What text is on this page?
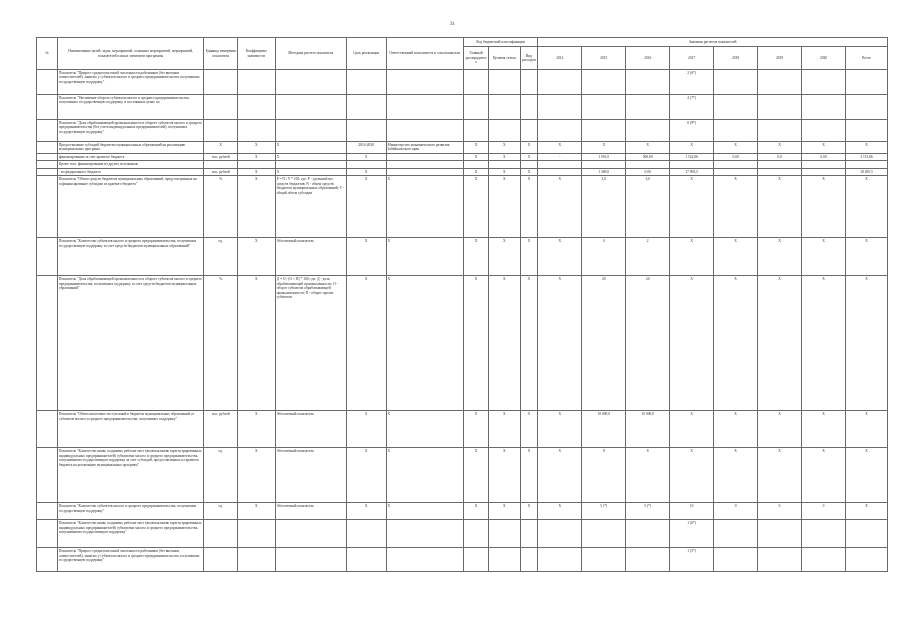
31
№	Наименование целей, задач, мероприятий, основных мероприятий, мероприятий, показателей и иных элементов программы	Единица измерения показателя	Коэффициент значимости	Методика расчета показателя	Срок реализации	Ответственный исполнитель и соисполнители	Код бюджетной классификации			Значения расчетов показателей							
							Главный распорядитель	Целевая статья	Вид расходов	2014	2015	2016	2017	2018	2019	2020	Всего
	Показатель "Прирост среднесписочной численности работников (без внешних совместителей), занятых у субъектов малого и среднего предпринимательства, получивших государственную поддержку"												2 (6*)				
	Показатель "Увеличение оборота субъектов малого и среднего предпринимательства, получивших государственную поддержку, в постоянных ценах по												4 (7*)				
	Показатель "Доля обрабатывающей промышленности в обороте субъектов малого и среднего предпринимательства (без учета индивидуальных предпринимателей), получивших государственную поддержку"												0 (9*)				
	Предоставление субсидий бюджетам муниципальных образований на реализацию муниципальных программ	Х	Х	Х	2014-2020	Министерство экономического развития Забайкальского края	Х	Х	Х	Х	Х	Х	Х	Х	Х	Х	Х
	финансирование за счет краевого бюджета	тыс. рублей	Х	Х	Х		Х	Х	Х	-	1 091,0	500,00	1 522,06	0,00	0,0	0,00	3 113,06
	Кроме того, финансирование из других источников:																
	- из федерального бюджета	тыс. рублей	Х	Х	Х		Х	Х	Х		1 400,0	0,00	17 095,5				18 495,5
	Показатель "Объем средств бюджетов муниципальных образований, предусмотренных на софинансирование субсидии из краевого бюджета"	%	Х	Р = N / V * 100, где: Р - удельный вес средств бюджетов; N - объем средств бюджетов муниципальных образований; V - общий объем субсидии	Х	Х	Х	Х	Х	Х	3,0	3,0	Х	Х	Х	Х	Х
	Показатель "Количество субъектов малого и среднего предпринимательства, получивших государственную поддержку за счет средств бюджетов муниципальных образований"	ед.	Х	Абсолютный показатель	Х	Х	Х	Х	Х	Х	4	2	Х	Х	Х	Х	Х
	Показатель "Доля обрабатывающей промышленности в обороте субъектов малого и среднего предпринимательства, получивших поддержку за счет средств бюджетов муниципальных образований"	%	Х	Д = О / (О + П) * 100, где: Д - доля обрабатывающей промышленности; О - оборот субъектов обрабатывающей промышленности; П - оборот прочих субъектов	Х	Х	Х	Х	Х	Х	20	20	Х	Х	Х	Х	Х
	Показатель "Объем налоговых поступлений в бюджеты муниципальных образований от субъектов малого и среднего предпринимательства, получивших поддержку"	тыс. рублей	Х	Абсолютный показатель	Х	Х	Х	Х	Х	Х	10 000,0	10 000,0	Х	Х	Х	Х	Х
	Показатель "Количество вновь созданных рабочих мест (включая вновь зарегистрированных индивидуальных предпринимателей) субъектами малого и среднего предпринимательства, получившими государственную поддержку за счет субсидий, предоставленных из краевого бюджета на реализацию муниципальных программ"	ед.	Х	Абсолютный показатель	Х	Х	Х	Х	Х	Х	8	8	Х	Х	Х	Х	Х
	Показатель "Количество субъектов малого и среднего предпринимательства, получивших государственную поддержку"	ед.	Х	Абсолютный показатель	Х	Х	Х	Х	Х	Х	5 (*)	5 (*)	10	0	0	0	Х
	Показатель "Количество вновь созданных рабочих мест (включая вновь зарегистрированных индивидуальных предпринимателей) субъектами малого и среднего предпринимательства, получившими государственную поддержку"												1 (6*)				
	Показатель "Прирост среднесписочной численности работников (без внешних совместителей), занятых у субъектов малого и среднего предпринимательства, получивших государственную поддержку"												1 (5*)				
